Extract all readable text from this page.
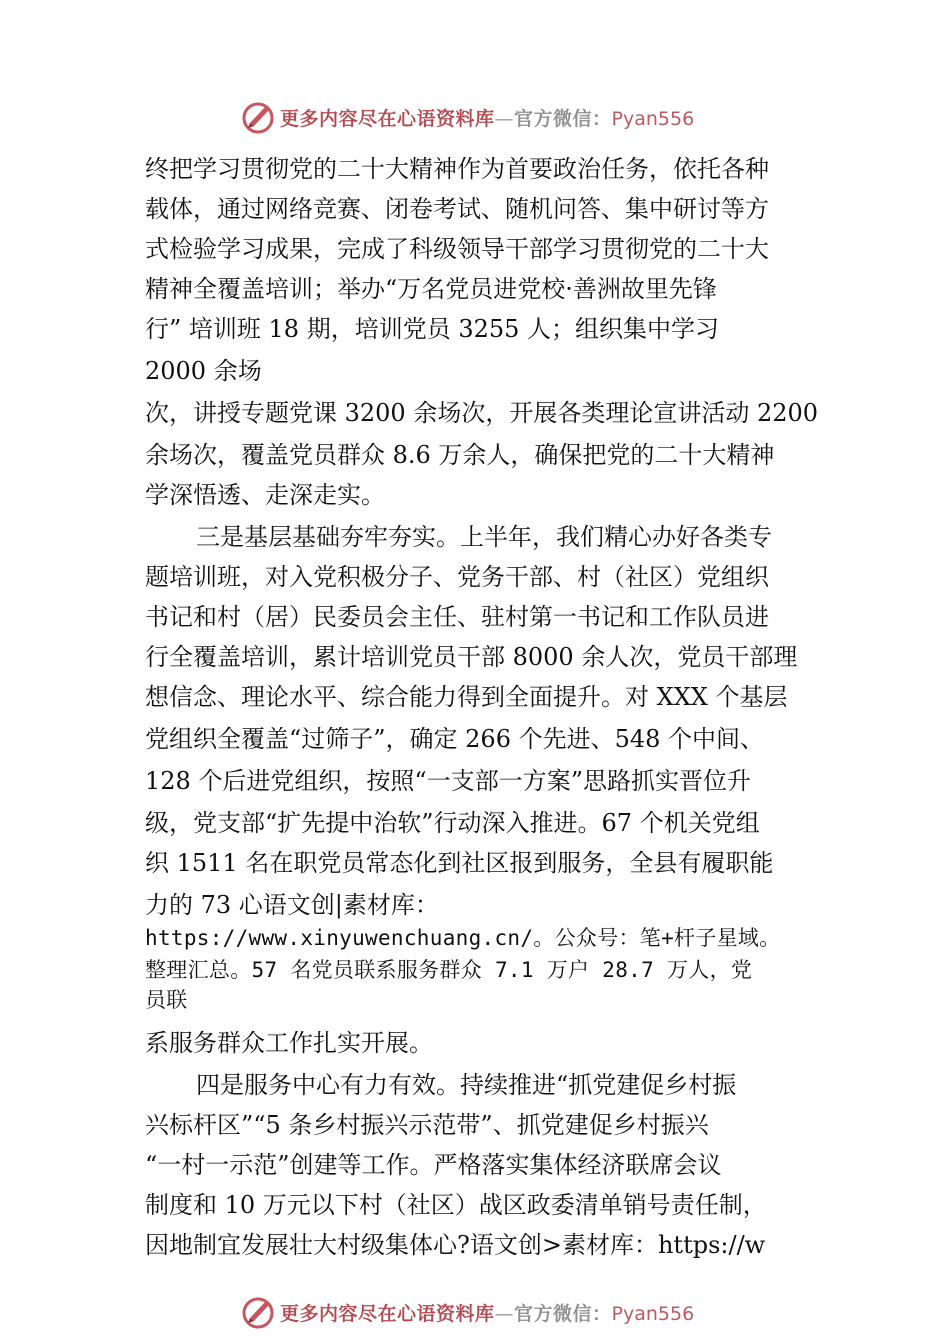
更多内容尽在心语资料库—官方微信：Pyan556
终把学习贯彻党的二十大精神作为首要政治任务，依托各种
载体，通过网络竞赛、闭卷考试、随机问答、集中研讨等方
式检验学习成果，完成了科级领导干部学习贯彻党的二十大
精神全覆盖培训；举办“万名党员进党校·善洲故里先锋
行” 培训班 18 期，培训党员 3255 人；组织集中学习
2000 余场
次，讲授专题党课 3200 余场次，开展各类理论宣讲活动 2200
余场次，覆盖党员群众 8.6 万余人，确保把党的二十大精神
学深悟透、走深走实。
三是基层基础夯牢夯实。上半年，我们精心办好各类专
题培训班，对入党积极分子、党务干部、村（社区）党组织
书记和村（居）民委员会主任、驻村第一书记和工作队员进
行全覆盖培训，累计培训党员干部 8000 余人次，党员干部理
想信念、理论水平、综合能力得到全面提升。对 XXX 个基层
党组织全覆盖“过筛子”，确定 266 个先进、548 个中间、
128 个后进党组织，按照“一支部一方案”思路抓实晋位升
级，党支部“扩先提中治软”行动深入推进。67 个机关党组
织 1511 名在职党员常态化到社区报到服务，全县有履职能
力的 73 心语文创|素材库：
https://www.xinyuwenchuang.cn/。公众号：笔+杆子星域。
整理汇总。57 名党员联系服务群众 7.1 万户 28.7 万人，党
员联
系服务群众工作扎实开展。
四是服务中心有力有效。持续推进“抓党建促乡村振
兴标杆区”“5 条乡村振兴示范带”、抓党建促乡村振兴
“一村一示范”创建等工作。严格落实集体经济联席会议
制度和 10 万元以下村（社区）战区政委清单销号责任制，
因地制宜发展壮大村级集体心?语文创>素材库：https://w
更多内容尽在心语资料库—官方微信：Pyan556
